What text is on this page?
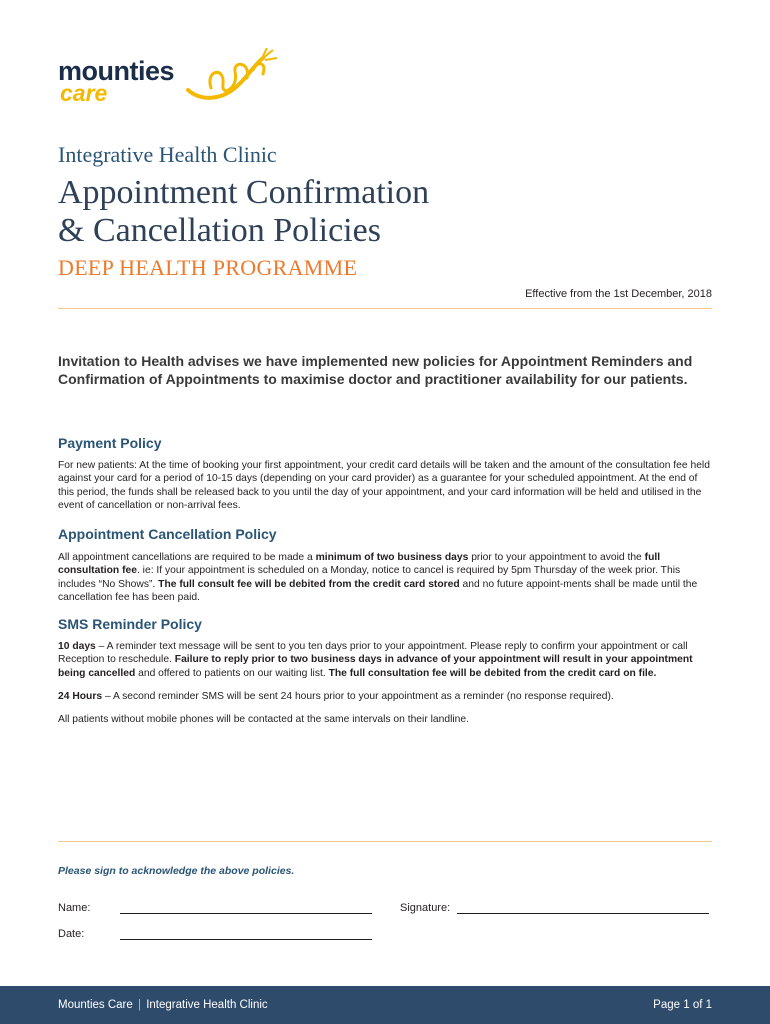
mounties
care
Integrative Health Clinic
Appointment Confirmation
& Cancellation Policies
DEEP HEALTH PROGRAMME
Effective from the 1st December, 2018
Invitation to Health advises we have implemented new policies for Appointment Reminders and Confirmation of Appointments to maximise doctor and practitioner availability for our patients.
Payment Policy

For new patients: At the time of booking your first appointment, your credit card details will be taken and the amount of the consultation fee held against your card for a period of 10-15 days (depending on your card provider) as a guarantee for your scheduled appointment. At the end of this period, the funds shall be released back to you until the day of your appointment, and your card information will be held and utilised in the event of cancellation or non-arrival fees.

Appointment Cancellation Policy

All appointment cancellations are required to be made a minimum of two business days prior to your appointment to avoid the full consultation fee. ie: If your appointment is scheduled on a Monday, notice to cancel is required by 5pm Thursday of the week prior. This includes “No Shows”. The full consult fee will be debited from the credit card stored and no future appoint-ments shall be made until the cancellation fee has been paid.

SMS Reminder Policy

10 days – A reminder text message will be sent to you ten days prior to your appointment. Please reply to confirm your appointment or call Reception to reschedule. Failure to reply prior to two business days in advance of your appointment will result in your appointment being cancelled and offered to patients on our waiting list. The full consultation fee will be debited from the credit card on file.

24 Hours – A second reminder SMS will be sent 24 hours prior to your appointment as a reminder (no response required).

All patients without mobile phones will be contacted at the same intervals on their landline.

Please sign to acknowledge the above policies.
Name:	Signature:
Date:
Mounties Care | Integrative Health Clinic	Page 1 of 1
